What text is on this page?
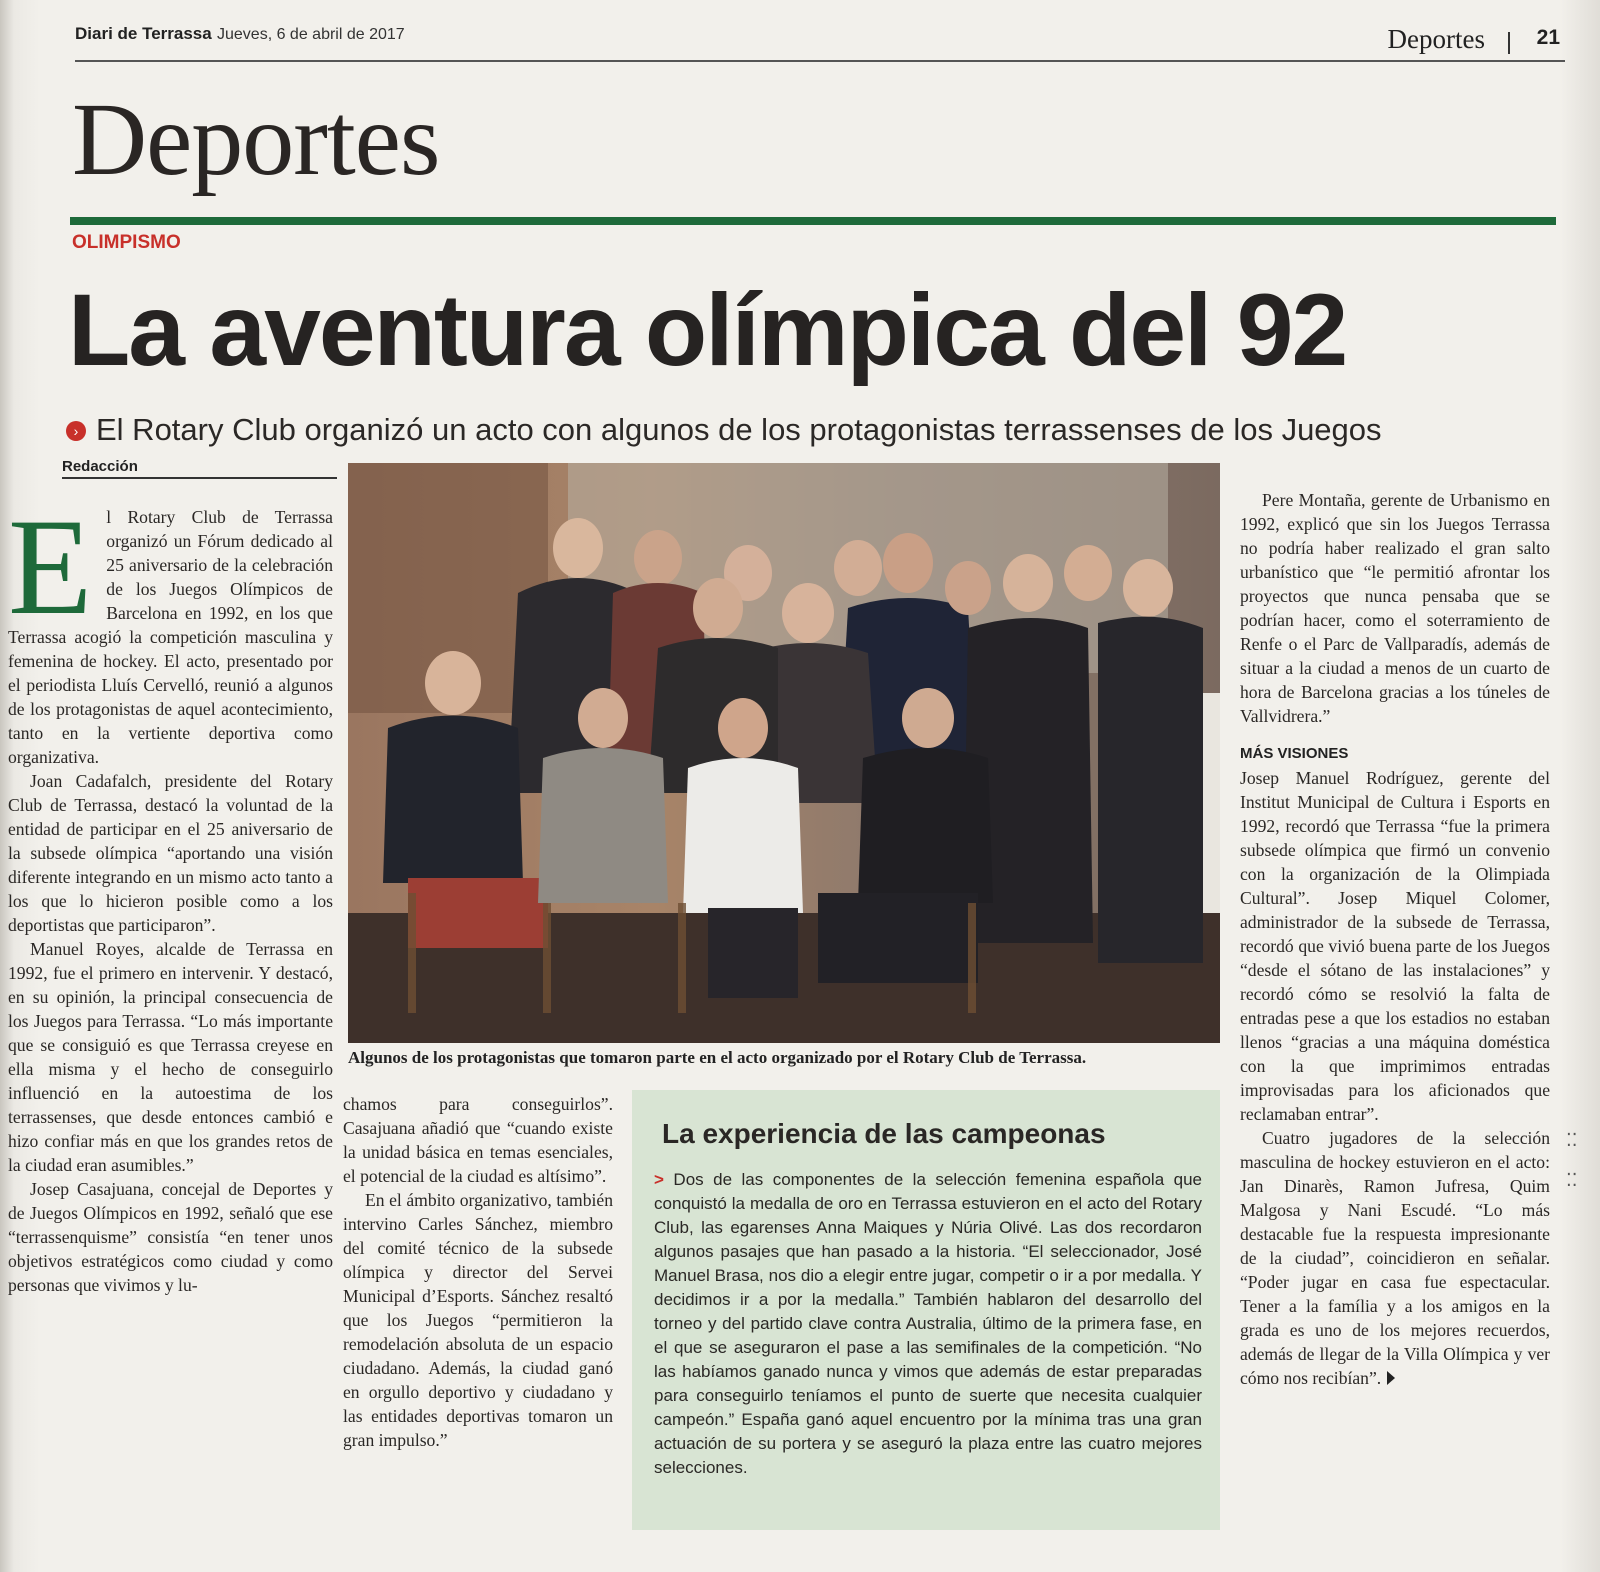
Diari de Terrassa Jueves, 6 de abril de 2017	Deportes 21
Deportes
OLIMPISMO
La aventura olímpica del 92
› El Rotary Club organizó un acto con algunos de los protagonistas terrassenses de los Juegos
Redacción
E l Rotary Club de Terrassa organizó un Fórum dedicado al 25 aniversario de la celebración de los Juegos Olímpicos de Barcelona en 1992, en los que Terrassa acogió la competición masculina y femenina de hockey. El acto, presentado por el periodista Lluís Cervelló, reunió a algunos de los protagonistas de aquel acontecimiento, tanto en la vertiente deportiva como organizativa.

Joan Cadafalch, presidente del Rotary Club de Terrassa, destacó la voluntad de la entidad de participar en el 25 aniversario de la subsede olímpica “aportando una visión diferente integrando en un mismo acto tanto a los que lo hicieron posible como a los deportistas que participaron”.

Manuel Royes, alcalde de Terrassa en 1992, fue el primero en intervenir. Y destacó, en su opinión, la principal consecuencia de los Juegos para Terrassa. “Lo más importante que se consiguió es que Terrassa creyese en ella misma y el hecho de conseguirlo influenció en la autoestima de los terrassenses, que desde entonces cambió e hizo confiar más en que los grandes retos de la ciudad eran asumibles.”

Josep Casajuana, concejal de Deportes y de Juegos Olímpicos en 1992, señaló que ese “terrassenquisme” consistía “en tener unos objetivos estratégicos como ciudad y como personas que vivimos y lu-

Algunos de los protagonistas que tomaron parte en el acto organizado por el Rotary Club de Terrassa.

chamos para conseguirlos”. Casajuana añadió que “cuando existe la unidad básica en temas esenciales, el potencial de la ciudad es altísimo”.

En el ámbito organizativo, también intervino Carles Sánchez, miembro del comité técnico de la subsede olímpica y director del Servei Municipal d’Esports. Sánchez resaltó que los Juegos “permitieron la remodelación absoluta de un espacio ciudadano. Además, la ciudad ganó en orgullo deportivo y ciudadano y las entidades deportivas tomaron un gran impulso.”

La experiencia de las campeonas
> Dos de las componentes de la selección femenina española que conquistó la medalla de oro en Terrassa estuvieron en el acto del Rotary Club, las egarenses Anna Maiques y Núria Olivé. Las dos recordaron algunos pasajes que han pasado a la historia. “El seleccionador, José Manuel Brasa, nos dio a elegir entre jugar, competir o ir a por medalla. Y decidimos ir a por la medalla.” También hablaron del desarrollo del torneo y del partido clave contra Australia, último de la primera fase, en el que se aseguraron el pase a las semifinales de la competición. “No las habíamos ganado nunca y vimos que además de estar preparadas para conseguirlo teníamos el punto de suerte que necesita cualquier campeón.” España ganó aquel encuentro por la mínima tras una gran actuación de su portera y se aseguró la plaza entre las cuatro mejores selecciones.

Pere Montaña, gerente de Urbanismo en 1992, explicó que sin los Juegos Terrassa no podría haber realizado el gran salto urbanístico que “le permitió afrontar los proyectos que nunca pensaba que se podrían hacer, como el soterramiento de Renfe o el Parc de Vallparadís, además de situar a la ciudad a menos de un cuarto de hora de Barcelona gracias a los túneles de Vallvidrera.”

MÁS VISIONES

Josep Manuel Rodríguez, gerente del Institut Municipal de Cultura i Esports en 1992, recordó que Terrassa “fue la primera subsede olímpica que firmó un convenio con la organización de la Olimpiada Cultural”. Josep Miquel Colomer, administrador de la subsede de Terrassa, recordó que vivió buena parte de los Juegos “desde el sótano de las instalaciones” y recordó cómo se resolvió la falta de entradas pese a que los estadios no estaban llenos “gracias a una máquina doméstica con la que imprimimos entradas improvisadas para los aficionados que reclamaban entrar”.

Cuatro jugadores de la selección masculina de hockey estuvieron en el acto: Jan Dinarès, Ramon Jufresa, Quim Malgosa y Nani Escudé. “Lo más destacable fue la respuesta impresionante de la ciudad”, coincidieron en señalar. “Poder jugar en casa fue espectacular. Tener a la família y a los amigos en la grada es uno de los mejores recuerdos, además de llegar de la Villa Olímpica y ver cómo nos recibían”.

⁚⁚
⁚⁚
